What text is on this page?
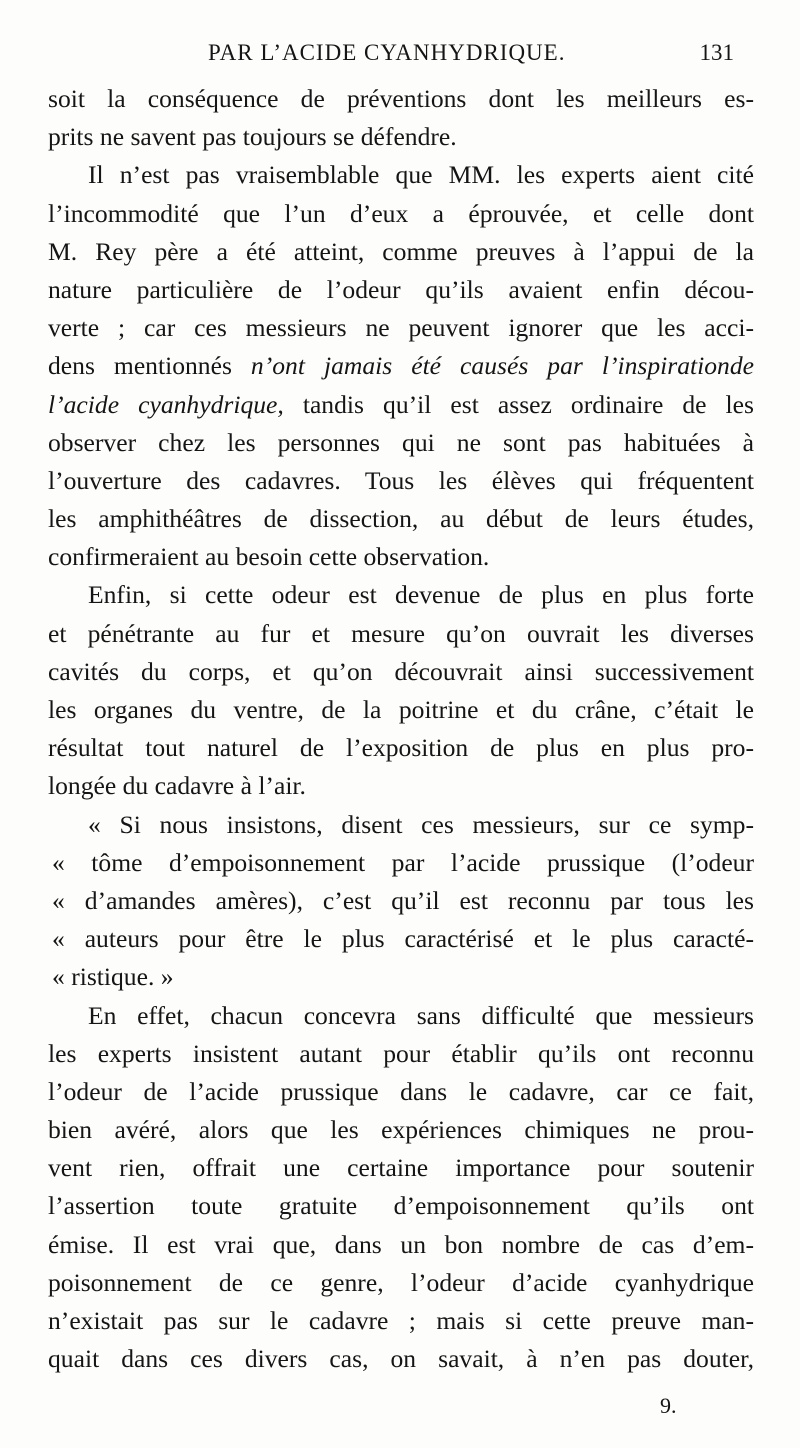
PAR L’ACIDE CYANHYDRIQUE.	131
soit la conséquence de préventions dont les meilleurs es-
prits ne savent pas toujours se défendre.
Il n’est pas vraisemblable que MM. les experts aient cité
l’incommodité que l’un d’eux a éprouvée, et celle dont
M. Rey père a été atteint, comme preuves à l’appui de la
nature particulière de l’odeur qu’ils avaient enfin décou-
verte ; car ces messieurs ne peuvent ignorer que les acci-
dens mentionnés n’ont jamais été causés par l’inspirationde
l’acide cyanhydrique, tandis qu’il est assez ordinaire de les
observer chez les personnes qui ne sont pas habituées à
l’ouverture des cadavres. Tous les élèves qui fréquentent
les amphithéâtres de dissection, au début de leurs études,
confirmeraient au besoin cette observation.
Enfin, si cette odeur est devenue de plus en plus forte
et pénétrante au fur et mesure qu’on ouvrait les diverses
cavités du corps, et qu’on découvrait ainsi successivement
les organes du ventre, de la poitrine et du crâne, c’était le
résultat tout naturel de l’exposition de plus en plus pro-
longée du cadavre à l’air.
« Si nous insistons, disent ces messieurs, sur ce symp-
« tôme d’empoisonnement par l’acide prussique (l’odeur
« d’amandes amères), c’est qu’il est reconnu par tous les
« auteurs pour être le plus caractérisé et le plus caracté-
« ristique. »
En effet, chacun concevra sans difficulté que messieurs
les experts insistent autant pour établir qu’ils ont reconnu
l’odeur de l’acide prussique dans le cadavre, car ce fait,
bien avéré, alors que les expériences chimiques ne prou-
vent rien, offrait une certaine importance pour soutenir
l’assertion toute gratuite d’empoisonnement qu’ils ont
émise. Il est vrai que, dans un bon nombre de cas d’em-
poisonnement de ce genre, l’odeur d’acide cyanhydrique
n’existait pas sur le cadavre ; mais si cette preuve man-
quait dans ces divers cas, on savait, à n’en pas douter,
9.
